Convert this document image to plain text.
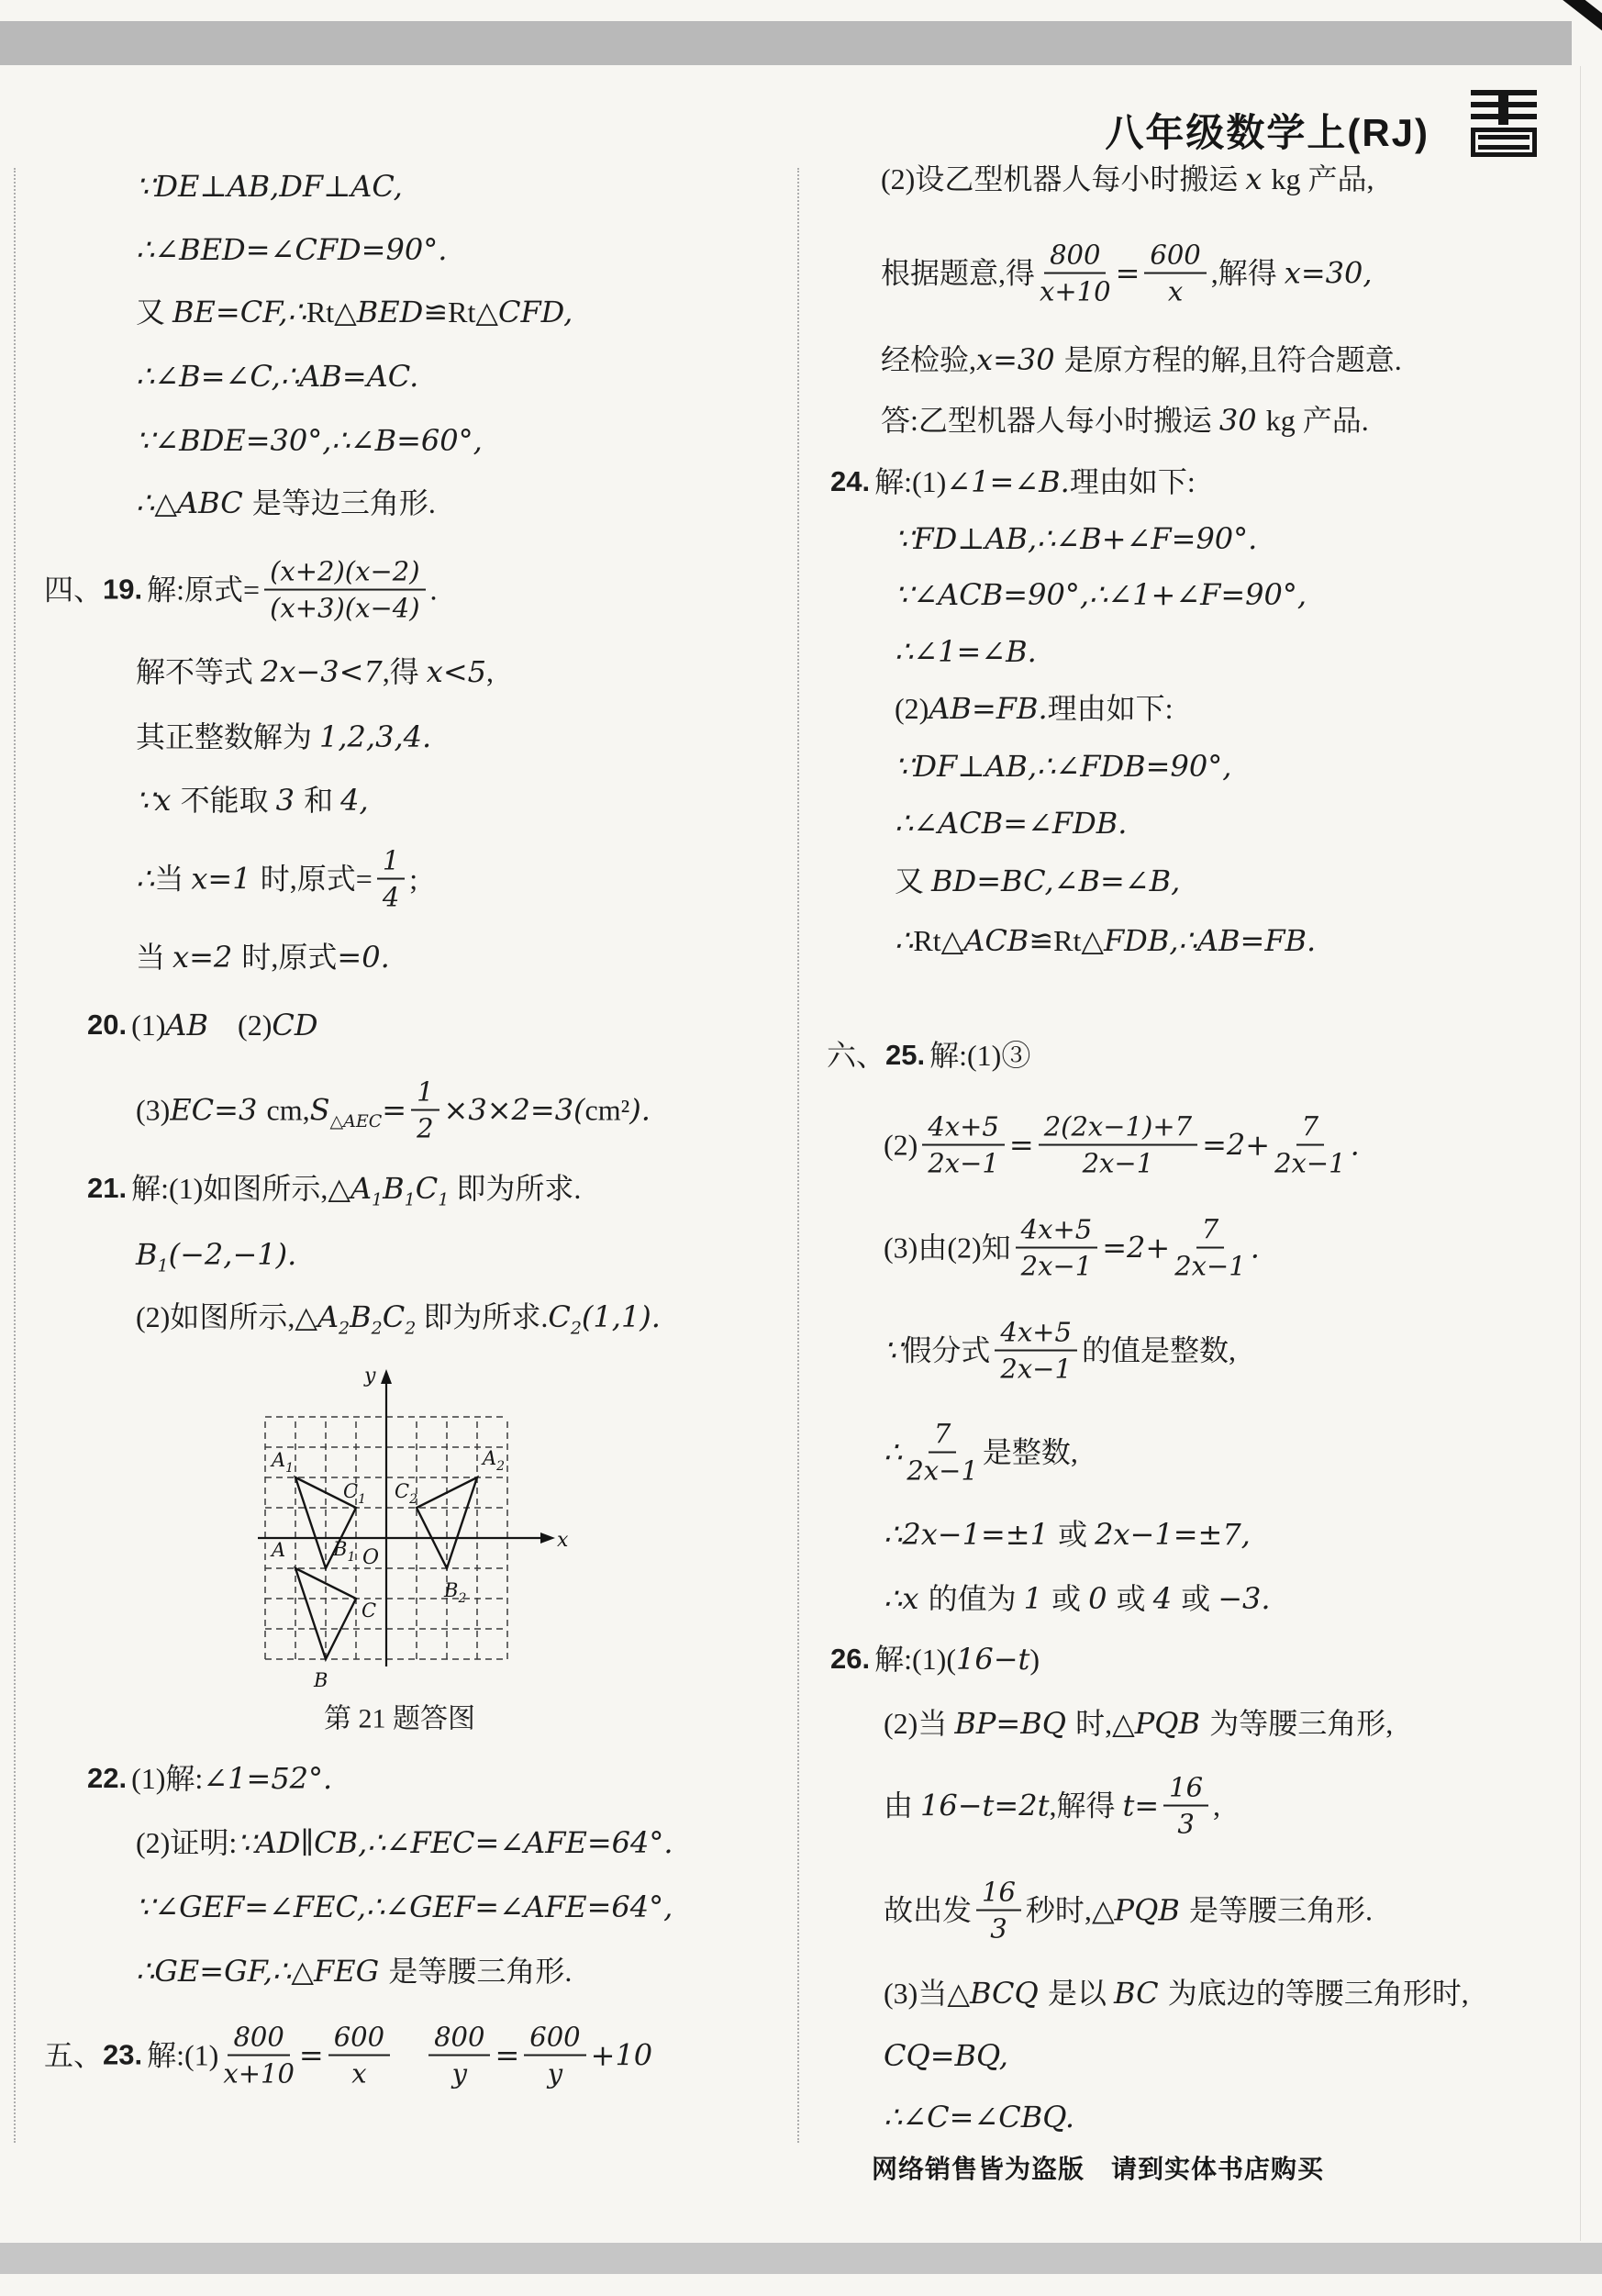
八年级数学上(RJ)
∵DE⊥AB,DF⊥AC,
∴∠BED=∠CFD=90°.
又 BE=CF,∴ Rt △BED ≌ Rt △CFD,
∴∠B=∠C,∴AB=AC.
∵∠BDE=30°,∴∠B=60°,
∴△ABC 是等边三角形.
四、 19. 解:原式= $\frac{(x+2)(x-2)}{(x+3)(x-4)}$ .
解不等式 2x−3<7 ,得 x<5 ,
其正整数解为 1,2,3,4.
∵x 不能取 3 和 4,
∴ 当 x=1 时,原式= $\frac{1}{4}$ ;
当 x=2 时,原式 =0.
20. (1) AB 　(2) CD
(3) EC=3 cm, $S_{\triangle AEC} = \frac{1}{2} \times 3\times 2=3$( cm² ).
21. 解:(1)如图所示, $\triangle A_1$ $B_1$ $C_1$ 即为所求.
$B_1$ (−2,−1).
(2)如图所示, $\triangle A_2$ $B_2$ $C_2$ 即为所求. $C_2$ (1,1).
22. (1)解: ∠1=52°.
(2)证明: ∵AD∥CB,∴∠FEC=∠AFE=64°.
∵∠GEF=∠FEC,∴∠GEF=∠AFE=64°,
∴GE=GF,∴△FEG 是等腰三角形.
五、 23. 解:(1) $\frac{800}{x+10} = \frac{600}{x}$
　 $\frac{800}{y} = \frac{600}{y} +10$
(2)设乙型机器人每小时搬运 x kg 产品,
根据题意,得 $\frac{800}{x+10} = \frac{600}{x}$ ,解得 x=30,
经检验, x=30 是原方程的解,且符合题意.
答:乙型机器人每小时搬运 30 kg 产品.
24. 解:(1) ∠1=∠B. 理由如下:
∵FD⊥AB,∴∠B+∠F=90°.
∵∠ACB=90°,∴∠1+∠F=90°,
∴∠1=∠B.
(2) AB=FB. 理由如下:
∵DF⊥AB,∴∠FDB=90°,
∴∠ACB=∠FDB.
又 BD=BC,∠B=∠B,
∴ Rt △ACB ≌ Rt △FDB,∴AB=FB.
六、 25. 解:(1)③
$(2) \frac{4x+5}{2x-1} = \frac{2(2x-1)+7}{2x-1} =2+ \frac{7}{2x-1}$ .
(3)由(2)知 $\frac{4x+5}{2x-1} =2+ \frac{7}{2x-1}$ .
∵ 假分式 $\frac{4x+5}{2x-1}$ 的值是整数,
∴ $\frac{7}{2x-1}$ 是整数,
∴2x−1=±1 或 2x−1=±7,
∴x 的值为 1 或 0 或 4 或 −3.
26. 解:(1)( 16−t )
(2)当 BP=BQ 时, △PQB 为等腰三角形,
由 16−t=2t ,解得 $t= \frac{16}{3}$ ,
故出发 $\frac{16}{3}$ 秒时, △PQB 是等腰三角形.
(3)当 △BCQ 是以 BC 为底边的等腰三角形时,
CQ=BQ,
∴∠C=∠CBQ.
$A_1$
$C_1$
$B_1$
$A_2$
$C_2$
$B_2$
A
C
B
x
y
O
第 21 题答图
网络销售皆为盗版　请到实体书店购买
